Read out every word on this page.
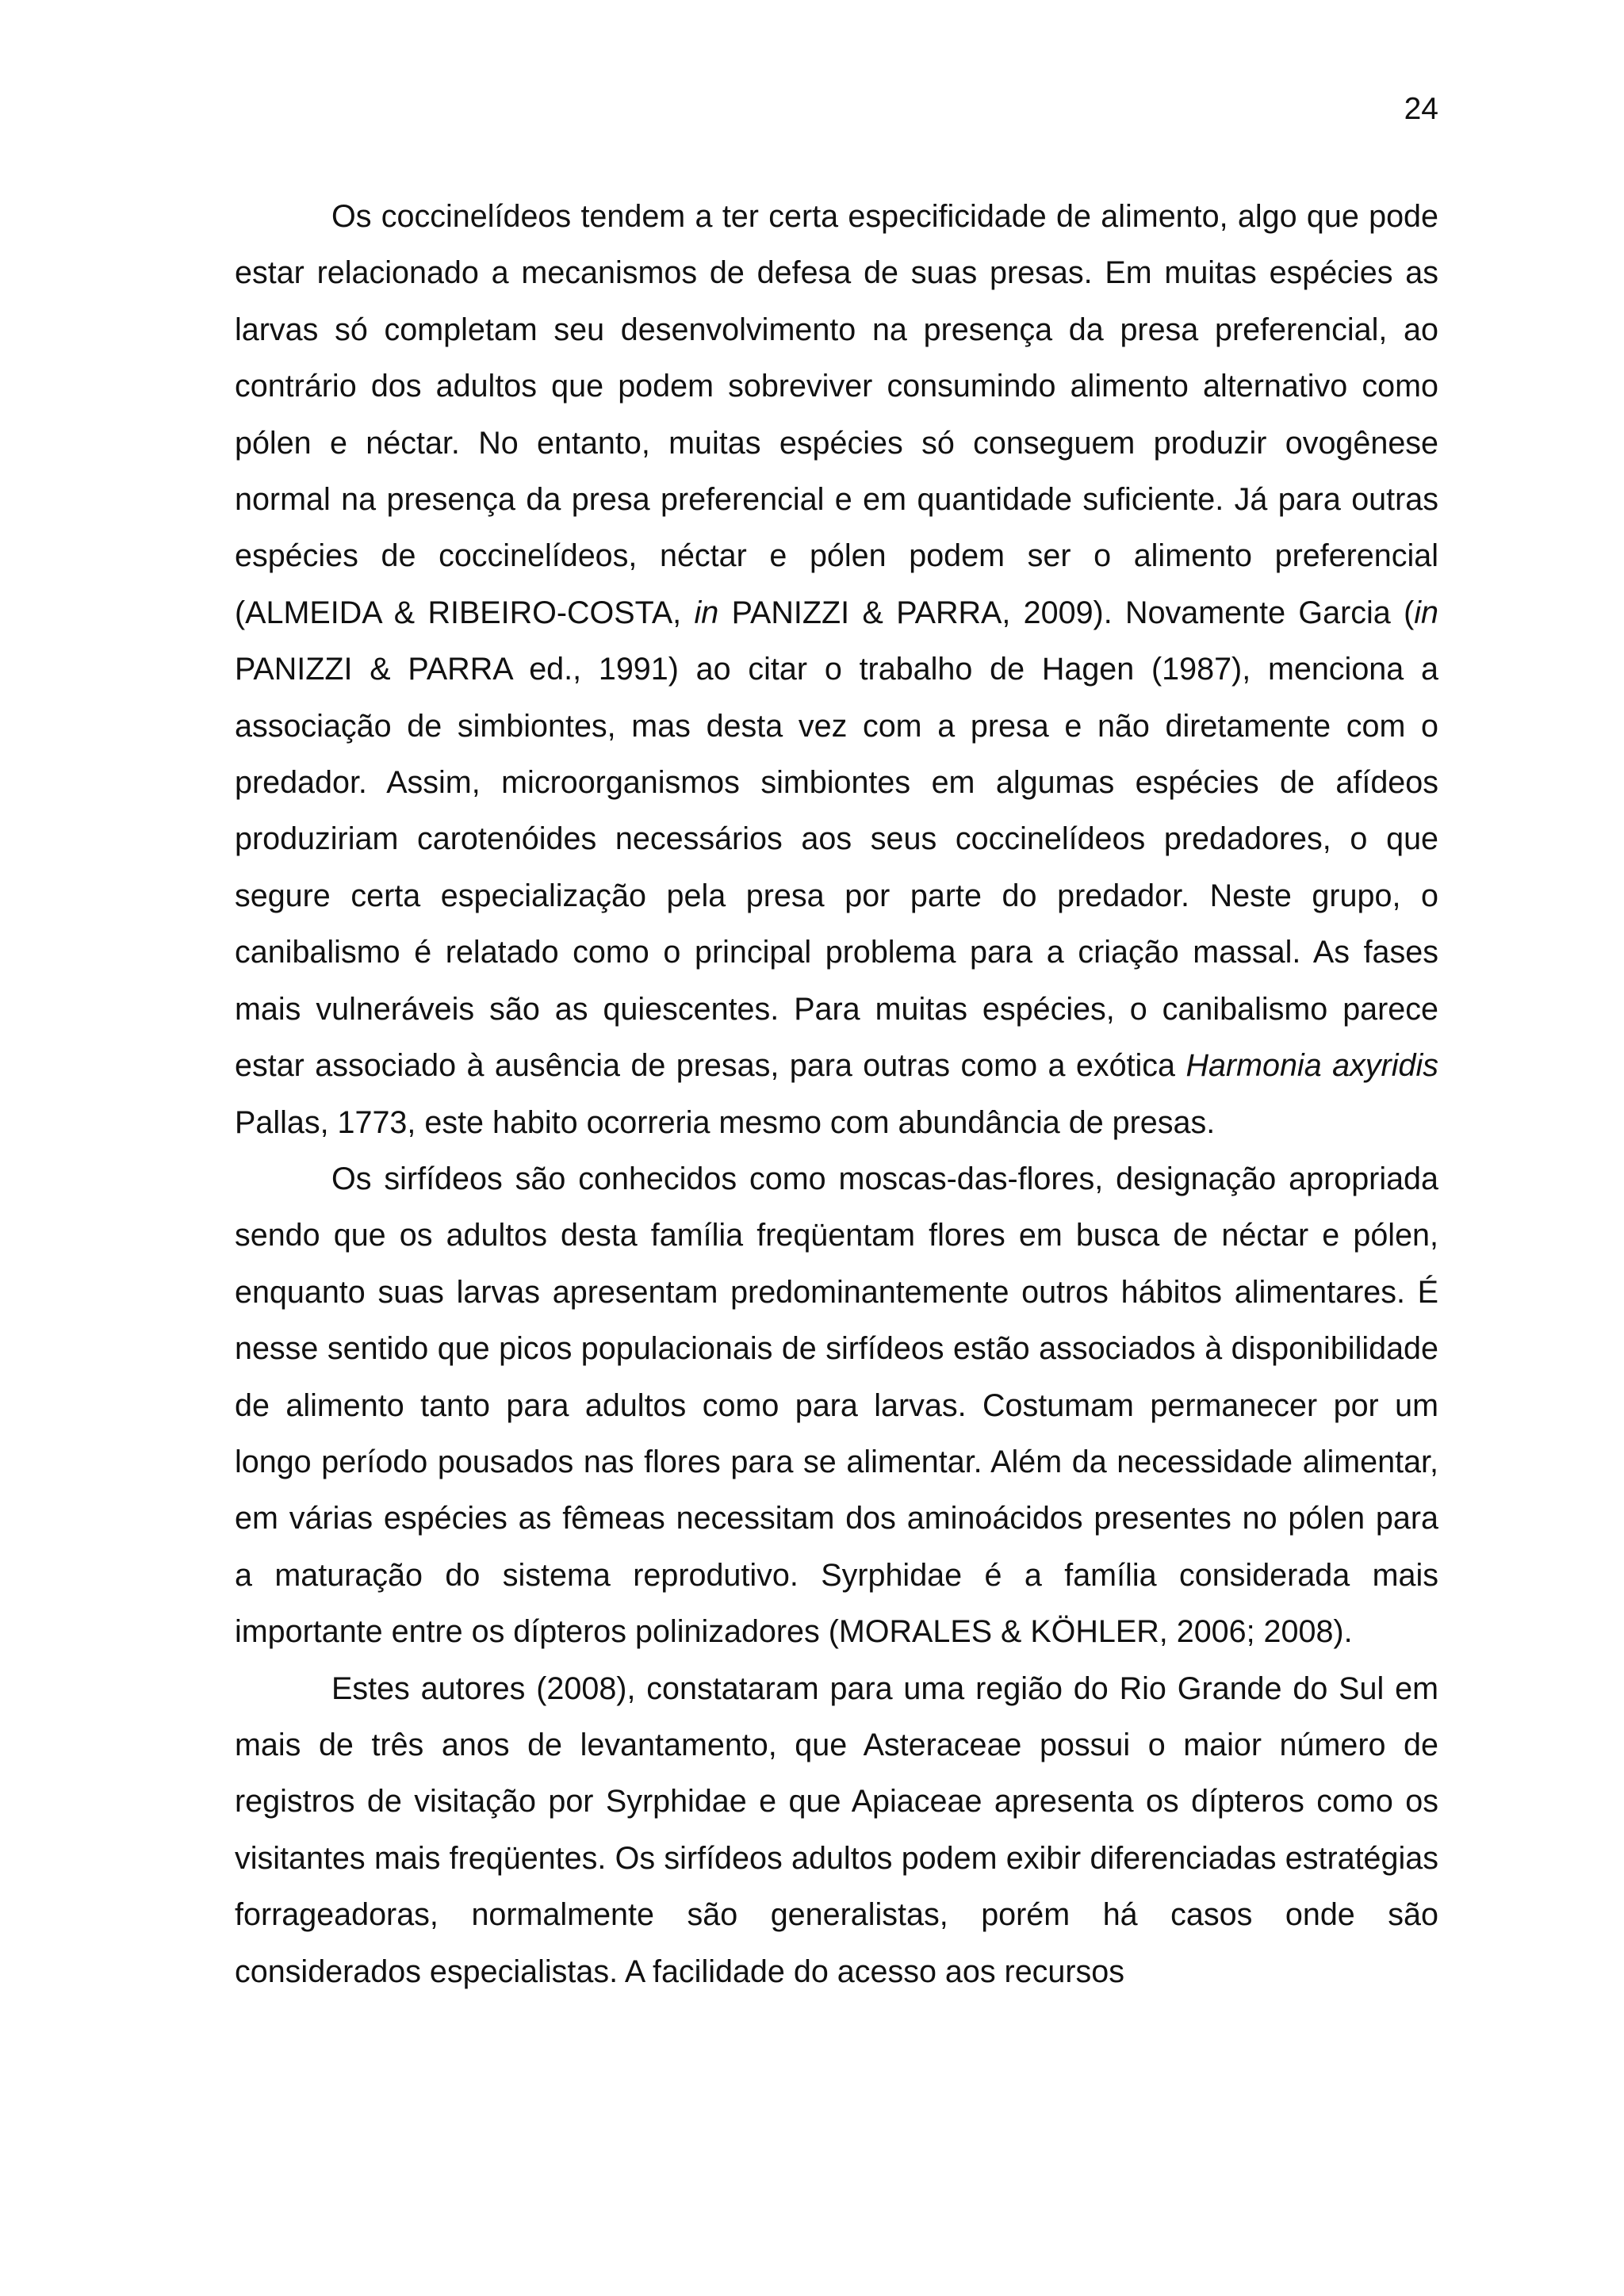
24

Os coccinelídeos tendem a ter certa especificidade de alimento, algo que pode estar relacionado a mecanismos de defesa de suas presas. Em muitas espécies as larvas só completam seu desenvolvimento na presença da presa preferencial, ao contrário dos adultos que podem sobreviver consumindo alimento alternativo como pólen e néctar. No entanto, muitas espécies só conseguem produzir ovogênese normal na presença da presa preferencial e em quantidade suficiente. Já para outras espécies de coccinelídeos, néctar e pólen podem ser o alimento preferencial (ALMEIDA & RIBEIRO-COSTA, in PANIZZI & PARRA, 2009). Novamente Garcia (in PANIZZI & PARRA ed., 1991) ao citar o trabalho de Hagen (1987), menciona a associação de simbiontes, mas desta vez com a presa e não diretamente com o predador. Assim, microorganismos simbiontes em algumas espécies de afídeos produziriam carotenóides necessários aos seus coccinelídeos predadores, o que segure certa especialização pela presa por parte do predador. Neste grupo, o canibalismo é relatado como o principal problema para a criação massal. As fases mais vulneráveis são as quiescentes. Para muitas espécies, o canibalismo parece estar associado à ausência de presas, para outras como a exótica Harmonia axyridis Pallas, 1773, este habito ocorreria mesmo com abundância de presas.

Os sirfídeos são conhecidos como moscas-das-flores, designação apropriada sendo que os adultos desta família freqüentam flores em busca de néctar e pólen, enquanto suas larvas apresentam predominantemente outros hábitos alimentares. É nesse sentido que picos populacionais de sirfídeos estão associados à disponibilidade de alimento tanto para adultos como para larvas. Costumam permanecer por um longo período pousados nas flores para se alimentar. Além da necessidade alimentar, em várias espécies as fêmeas necessitam dos aminoácidos presentes no pólen para a maturação do sistema reprodutivo. Syrphidae é a família considerada mais importante entre os dípteros polinizadores (MORALES & KÖHLER, 2006; 2008).

Estes autores (2008), constataram para uma região do Rio Grande do Sul em mais de três anos de levantamento, que Asteraceae possui o maior número de registros de visitação por Syrphidae e que Apiaceae apresenta os dípteros como os visitantes mais freqüentes. Os sirfídeos adultos podem exibir diferenciadas estratégias forrageadoras, normalmente são generalistas, porém há casos onde são considerados especialistas. A facilidade do acesso aos recursos
